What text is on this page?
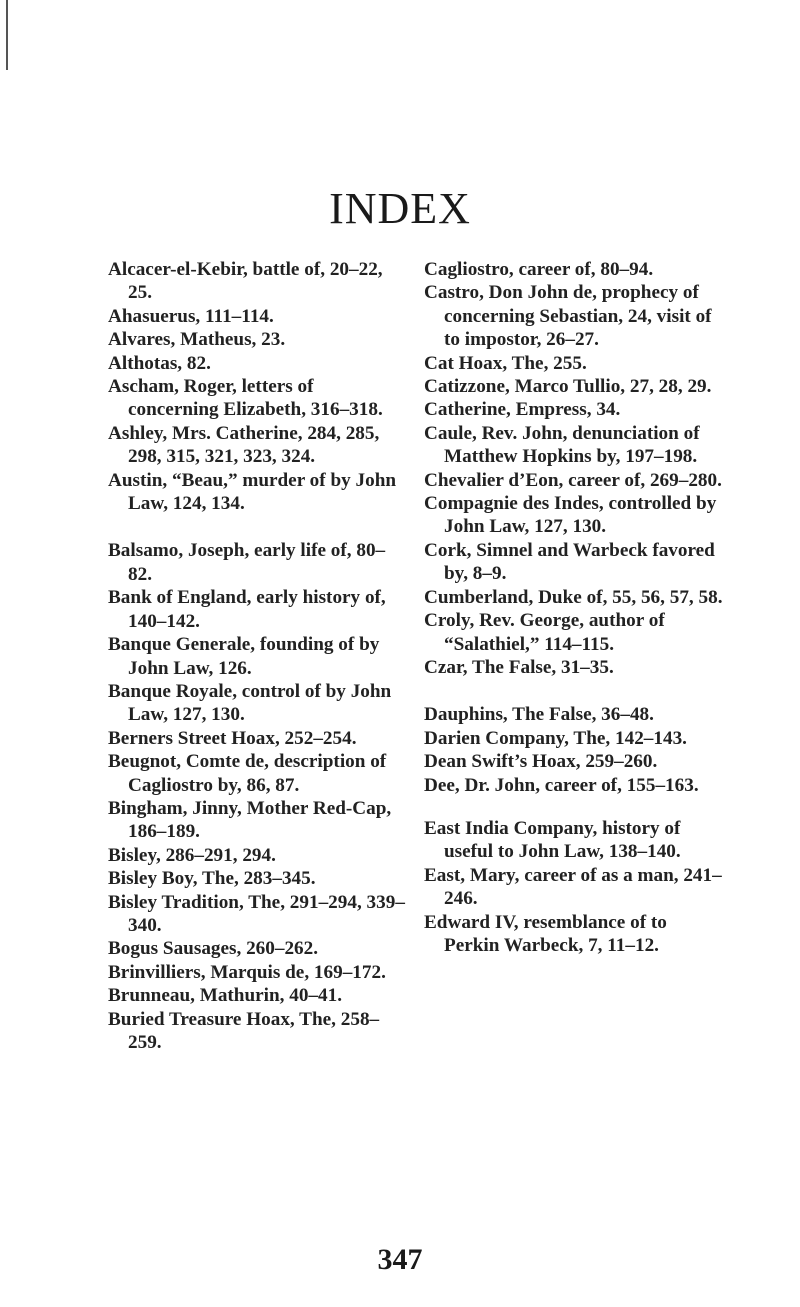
INDEX
Alcacer-el-Kebir, battle of, 20–22, 25.
Ahasuerus, 111–114.
Alvares, Matheus, 23.
Althotas, 82.
Ascham, Roger, letters of concerning Elizabeth, 316–318.
Ashley, Mrs. Catherine, 284, 285, 298, 315, 321, 323, 324.
Austin, “Beau,” murder of by John Law, 124, 134.
Balsamo, Joseph, early life of, 80–82.
Bank of England, early history of, 140–142.
Banque Generale, founding of by John Law, 126.
Banque Royale, control of by John Law, 127, 130.
Berners Street Hoax, 252–254.
Beugnot, Comte de, description of Cagliostro by, 86, 87.
Bingham, Jinny, Mother Red-Cap, 186–189.
Bisley, 286–291, 294.
Bisley Boy, The, 283–345.
Bisley Tradition, The, 291–294, 339–340.
Bogus Sausages, 260–262.
Brinvilliers, Marquis de, 169–172.
Brunneau, Mathurin, 40–41.
Buried Treasure Hoax, The, 258–259.
Cagliostro, career of, 80–94.
Castro, Don John de, prophecy of concerning Sebastian, 24, visit of to impostor, 26–27.
Cat Hoax, The, 255.
Catizzone, Marco Tullio, 27, 28, 29.
Catherine, Empress, 34.
Caule, Rev. John, denunciation of Matthew Hopkins by, 197–198.
Chevalier d’Eon, career of, 269–280.
Compagnie des Indes, controlled by John Law, 127, 130.
Cork, Simnel and Warbeck favored by, 8–9.
Cumberland, Duke of, 55, 56, 57, 58.
Croly, Rev. George, author of “Salathiel,” 114–115.
Czar, The False, 31–35.
Dauphins, The False, 36–48.
Darien Company, The, 142–143.
Dean Swift’s Hoax, 259–260.
Dee, Dr. John, career of, 155–163.
East India Company, history of useful to John Law, 138–140.
East, Mary, career of as a man, 241–246.
Edward IV, resemblance of to Perkin Warbeck, 7, 11–12.
347
